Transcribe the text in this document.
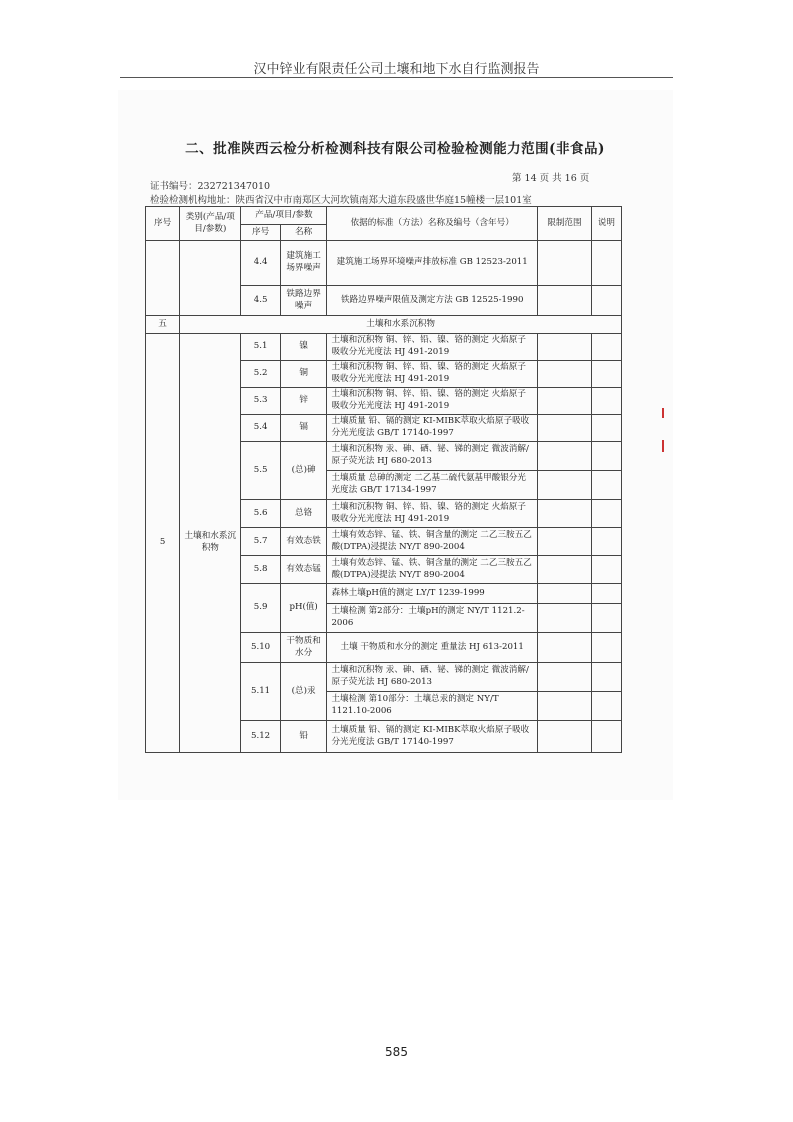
汉中锌业有限责任公司土壤和地下水自行监测报告
二、批准陕西云检分析检测科技有限公司检验检测能力范围(非食品)
证书编号：232721347010
第 14 页 共 16 页
检验检测机构地址：陕西省汉中市南郑区大河坎镇南郑大道东段盛世华庭15幢楼一层101室
序号	类别(产品/项目/参数)	产品/项目/参数		依据的标准（方法）名称及编号（含年号）	限制范围	说明
		序号	名称			
		4.4	建筑施工场界噪声	建筑施工场界环境噪声排放标准 GB 12523-2011		
		4.5	铁路边界噪声	铁路边界噪声限值及测定方法 GB 12525-1990		
五	土壤和水系沉积物					
5	土壤和水系沉积物	5.1	镍	土壤和沉积物 铜、锌、铅、镍、铬的测定 火焰原子吸收分光光度法 HJ 491-2019		
		5.2	铜	土壤和沉积物 铜、锌、铅、镍、铬的测定 火焰原子吸收分光光度法 HJ 491-2019		
		5.3	锌	土壤和沉积物 铜、锌、铅、镍、铬的测定 火焰原子吸收分光光度法 HJ 491-2019		
		5.4	镉	土壤质量 铅、镉的测定 KI-MIBK萃取火焰原子吸收分光光度法 GB/T 17140-1997		
		5.5	(总)砷	土壤和沉积物 汞、砷、硒、铋、锑的测定 微波消解/原子荧光法 HJ 680-2013		
				土壤质量 总砷的测定 二乙基二硫代氨基甲酸银分光光度法 GB/T 17134-1997		
		5.6	总铬	土壤和沉积物 铜、锌、铅、镍、铬的测定 火焰原子吸收分光光度法 HJ 491-2019		
		5.7	有效态铁	土壤有效态锌、锰、铁、铜含量的测定 二乙三胺五乙酸(DTPA)浸提法 NY/T 890-2004		
		5.8	有效态锰	土壤有效态锌、锰、铁、铜含量的测定 二乙三胺五乙酸(DTPA)浸提法 NY/T 890-2004		
		5.9	pH(值)	森林土壤pH值的测定 LY/T 1239-1999		
				土壤检测 第2部分：土壤pH的测定 NY/T 1121.2-2006		
		5.10	干物质和水分	土壤 干物质和水分的测定 重量法 HJ 613-2011		
		5.11	(总)汞	土壤和沉积物 汞、砷、硒、铋、锑的测定 微波消解/原子荧光法 HJ 680-2013		
				土壤检测 第10部分：土壤总汞的测定 NY/T 1121.10-2006		
		5.12	铅	土壤质量 铅、镉的测定 KI-MIBK萃取火焰原子吸收分光光度法 GB/T 17140-1997		
585
